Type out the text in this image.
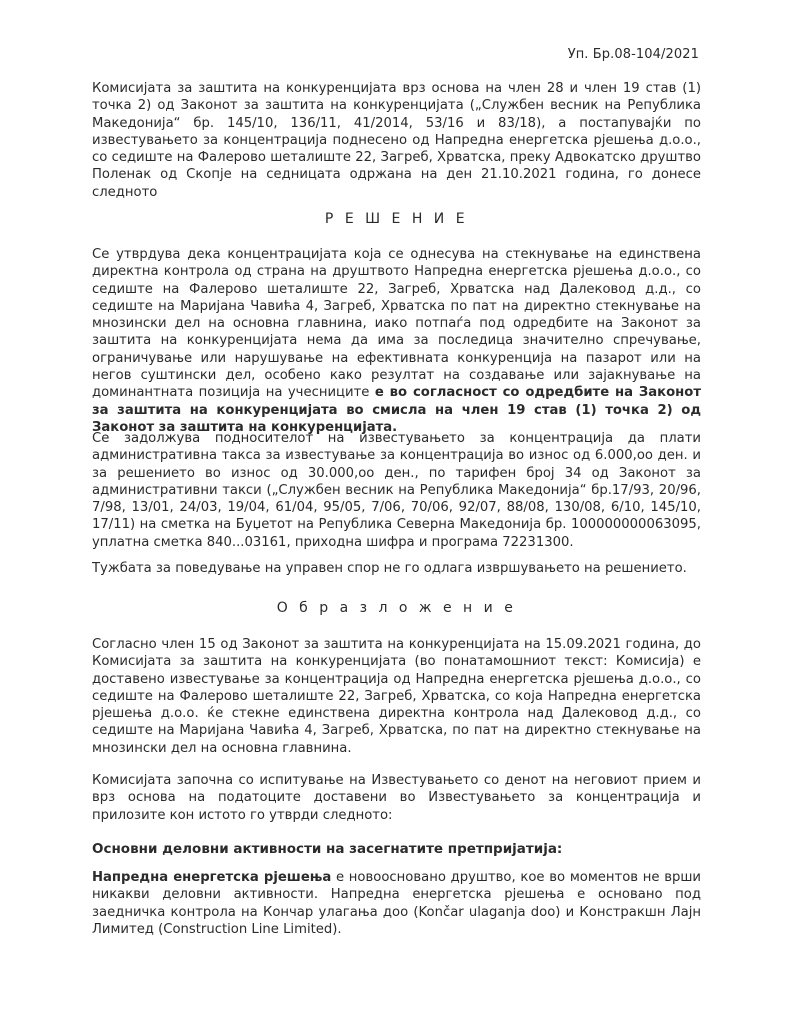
Уп. Бр.08-104/2021
Комисијата за заштита на конкуренцијата врз основа на член 28 и член 19 став (1) точка 2) од Законот за заштита на конкуренцијата („Службен весник на Република Македонија“ бр. 145/10, 136/11, 41/2014, 53/16 и 83/18), а постапувајќи по известувањето за концентрација поднесено од Напредна енергетска рјешења д.о.о., со седиште на Фалерово шеталиште 22, Загреб, Хрватска, преку Адвокатско друштво Поленак од Скопје на седницата одржана на ден 21.10.2021 година, го донесе следното
Р Е Ш Е Н И Е
Се утврдува дека концентрацијата која се однесува на стекнување на единствена директна контрола од страна на друштвото Напредна енергетска рјешења д.о.о., со седиште на Фалерово шеталиште 22, Загреб, Хрватска над Далековод д.д., со седиште на Маријана Чавића 4, Загреб, Хрватска по пат на директно стекнување на мнозински дел на основна главнина, иако потпаѓа под одредбите на Законот за заштита на конкуренцијата нема да има за последица значително спречување, ограничување или нарушување на ефективната конкуренција на пазарот или на негов суштински дел, особено како резултат на создавање или зајакнување на доминантната позиција на учесниците е во согласност со одредбите на Законот за заштита на конкуренцијата во смисла на член 19 став (1) точка 2) од Законот за заштита на конкуренцијата.
Се задолжува подносителот на известувањето за концентрација да плати административна такса за известување за концентрација во износ од 6.000,oo ден. и за решението во износ од 30.000,oo ден., по тарифен број 34 од Законот за административни такси („Службен весник на Република Македонија“ бр.17/93, 20/96, 7/98, 13/01, 24/03, 19/04, 61/04, 95/05, 7/06, 70/06, 92/07, 88/08, 130/08, 6/10, 145/10, 17/11) на сметка на Буџетот на Република Северна Македонија бр. 100000000063095, уплатна сметка 840...03161, приходна шифра и програма 72231300.
Тужбата за поведување на управен спор не го одлага извршувањето на решението.
О б р а з л о ж е н и е
Согласно член 15 од Законот за заштита на конкуренцијата на 15.09.2021 година, до Комисијата за заштита на конкуренцијата (во понатамошниот текст: Комисија) е доставено известување за концентрација од Напредна енергетска рјешења д.о.о., со седиште на Фалерово шеталиште 22, Загреб, Хрватска, со која Напредна енергетска рјешења д.о.о. ќе стекне единствена директна контрола над Далековод д.д., со седиште на Маријана Чавића 4, Загреб, Хрватска, по пат на директно стекнување на мнозински дел на основна главнина.
Комисијата започна со испитување на Известувањето со денот на неговиот прием и врз основа на податоците доставени во Известувањето за концентрација и прилозите кон истото го утврди следното:
Основни деловни активности на засегнатите претпријатија:
Напредна енергетска рјешења е новоосновано друштво, кое во моментов не врши никакви деловни активности. Напредна енергетска рјешења е основано под заедничка контрола на Кончар улагања доо (Končar ulaganja doo) и Констракшн Лајн Лимитед (Construction Line Limited).
